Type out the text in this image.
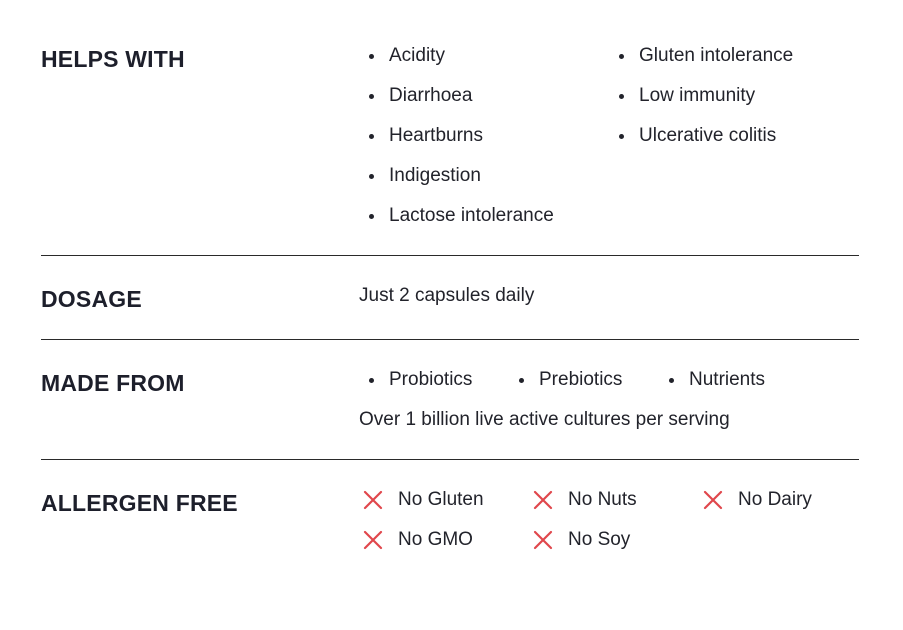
HELPS WITH	Acidity
Diarrhoea
Heartburns
Indigestion
Lactose intolerance
Gluten intolerance
Low immunity
Ulcerative colitis
DOSAGE	Just 2 capsules daily
MADE FROM	Probiotics	Prebiotics	Nutrients
Over 1 billion live active cultures per serving
ALLERGEN FREE	No Gluten	No Nuts	No Dairy
No GMO	No Soy
